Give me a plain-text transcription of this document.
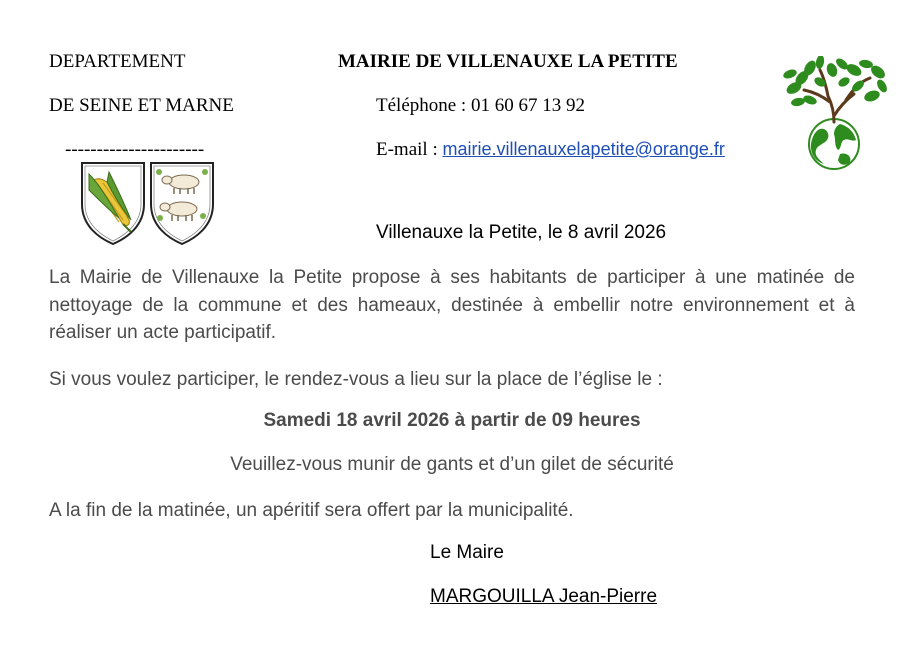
DEPARTEMENT
DE SEINE ET MARNE
----------------------
MAIRIE DE VILLENAUXE LA PETITE
Téléphone : 01 60 67 13 92
E-mail : mairie.villenauxelapetite@orange.fr
Villenauxe la Petite, le 8 avril 2026
La Mairie de Villenauxe la Petite propose à ses habitants de participer à une matinée de nettoyage de la commune et des hameaux, destinée à embellir notre environnement et à réaliser un acte participatif.
Si vous voulez participer, le rendez-vous a lieu sur la place de l’église le :
Samedi 18 avril 2026 à partir de 09 heures
Veuillez-vous munir de gants et d’un gilet de sécurité
A la fin de la matinée, un apéritif sera offert par la municipalité.
Le Maire
MARGOUILLA Jean-Pierre
